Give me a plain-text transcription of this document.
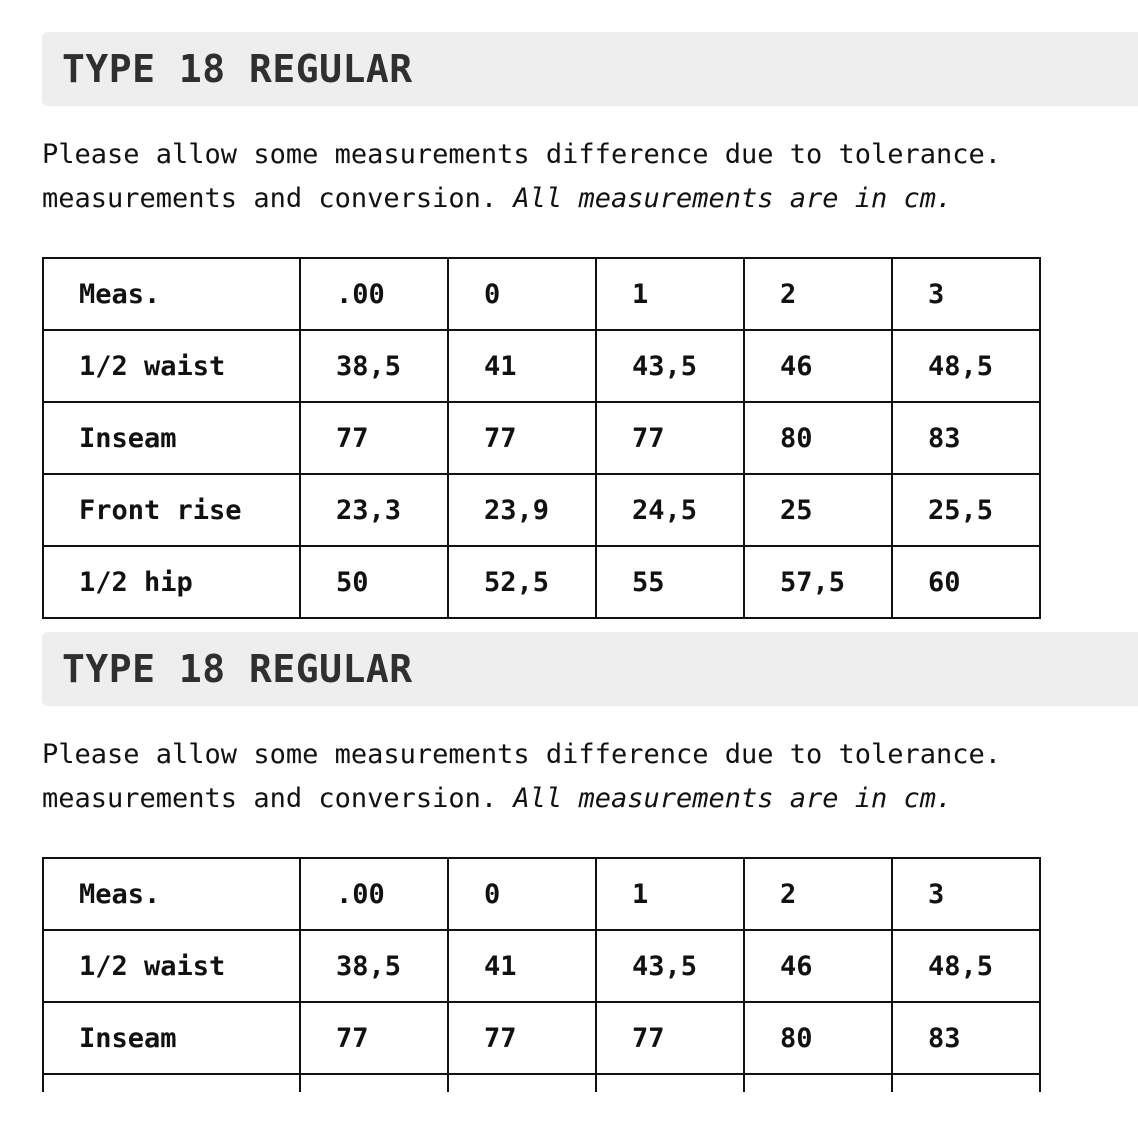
TYPE 18 REGULAR
Please allow some measurements difference due to tolerance.
measurements and conversion. All measurements are in cm.
Meas.	.00	0	1	2	3
1/2 waist	38,5	41	43,5	46	48,5
Inseam	77	77	77	80	83
Front rise	23,3	23,9	24,5	25	25,5
1/2 hip	50	52,5	55	57,5	60
TYPE 18 REGULAR
Please allow some measurements difference due to tolerance.
measurements and conversion. All measurements are in cm.
Meas.	.00	0	1	2	3
1/2 waist	38,5	41	43,5	46	48,5
Inseam	77	77	77	80	83
